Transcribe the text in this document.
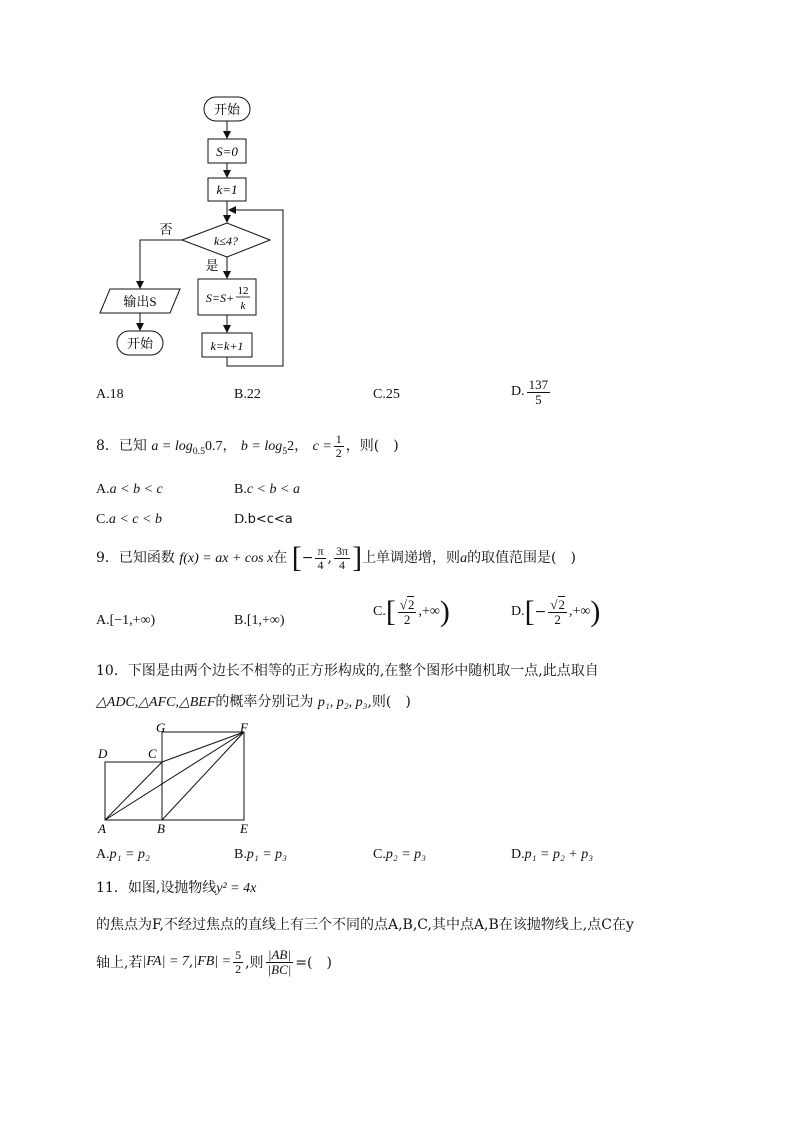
开始
S=0
k=1
k≤4?
否
是
S=S+ 12
k
k=k+1
输出S
开始
A.18	B.22	C.25	D. $\frac{137}{5}$
8．已知 $a = \log_{0.5}0.7$， $b = \log_52$， $c = \frac{1}{2}$ ，则(　)
A.a < b < c	B.c < b < a
C.a < c < b	D.b<c<a
9．已知函数 f(x) = ax + cos x在 [− $\frac{\pi}{4}$ , $\frac{3\pi}{4}$ ]上单调递增，则a的取值范围是(　)
A.[−1,+∞)	B.[1,+∞)
$C.[ \frac{√2}{2}$ ,+∞)	$D.[- \frac{√2}{2}$ ,+∞)
10．下图是由两个边长不相等的正方形构成的,在整个图形中随机取一点,此点取自
△ADC,△AFC,△BEF的概率分别记为 p₁, p₂, p₃,则(　)
D	C
G	F
A	B	E
A.p₁ = p₂	B.p₁ = p₃	C.p₂ = p₃	D.p₁ = p₂ + p₃
11．如图,设抛物线y² = 4x
的焦点为F,不经过焦点的直线上有三个不同的点A,B,C,其中点A,B在该抛物线上,点C在y
轴上,若$|FA| = 7,|FB| = \frac{5}{2}$ ,则 $\frac{|AB|}{|BC|}$ =(　)
